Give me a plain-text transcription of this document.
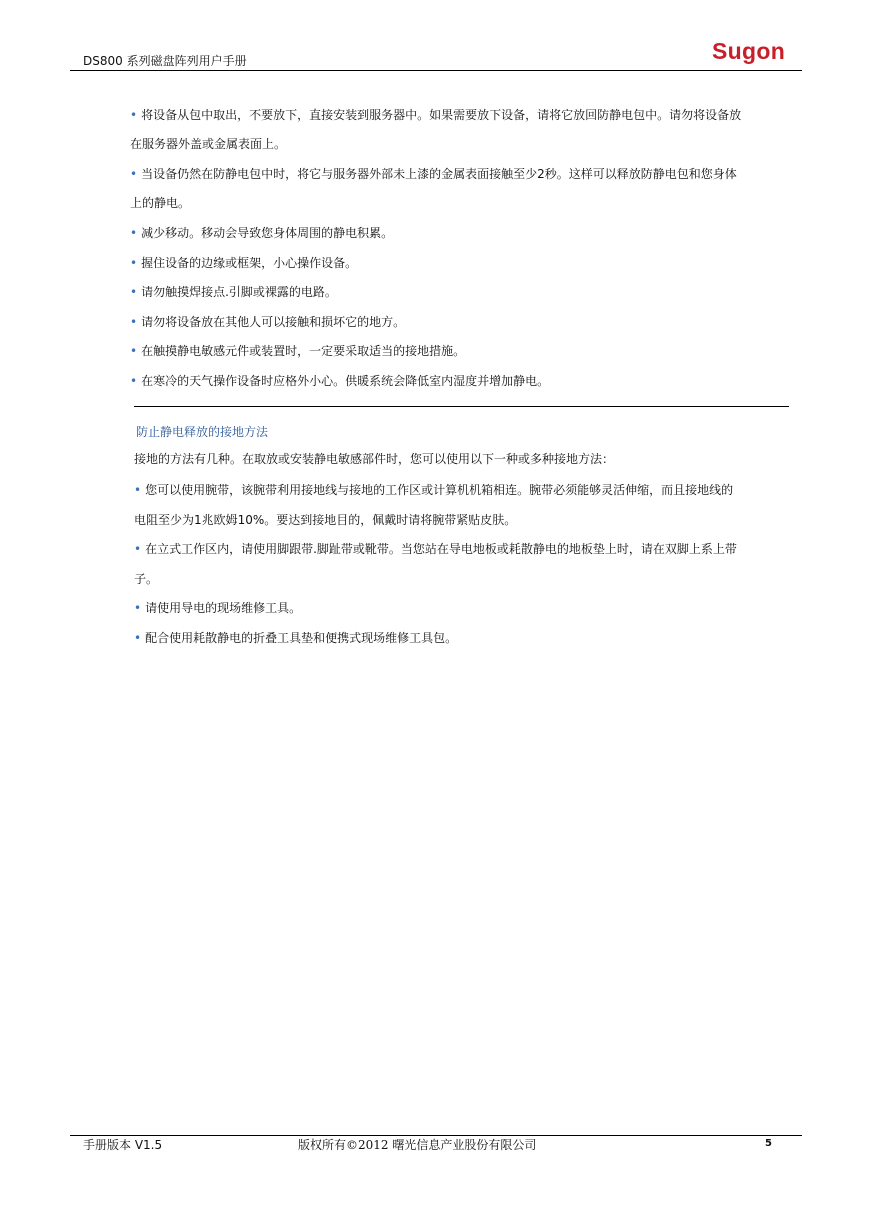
DS800 系列磁盘阵列用户手册	Sugon
• 将设备从包中取出，不要放下，直接安装到服务器中。如果需要放下设备，请将它放回防静电包中。请勿将设备放
在服务器外盖或金属表面上。
• 当设备仍然在防静电包中时，将它与服务器外部未上漆的金属表面接触至少2秒。这样可以释放防静电包和您身体
上的静电。
• 减少移动。移动会导致您身体周围的静电积累。
• 握住设备的边缘或框架，小心操作设备。
• 请勿触摸焊接点.引脚或裸露的电路。
• 请勿将设备放在其他人可以接触和损坏它的地方。
• 在触摸静电敏感元件或装置时，一定要采取适当的接地措施。
• 在寒冷的天气操作设备时应格外小心。供暖系统会降低室内湿度并增加静电。
防止静电释放的接地方法
接地的方法有几种。在取放或安装静电敏感部件时，您可以使用以下一种或多种接地方法：
• 您可以使用腕带，该腕带利用接地线与接地的工作区或计算机机箱相连。腕带必须能够灵活伸缩，而且接地线的
电阻至少为1兆欧姆10%。要达到接地目的，佩戴时请将腕带紧贴皮肤。
• 在立式工作区内，请使用脚跟带.脚趾带或靴带。当您站在导电地板或耗散静电的地板垫上时，请在双脚上系上带
子。
• 请使用导电的现场维修工具。
• 配合使用耗散静电的折叠工具垫和便携式现场维修工具包。
手册版本 V1.5	版权所有©2012 曙光信息产业股份有限公司	5
